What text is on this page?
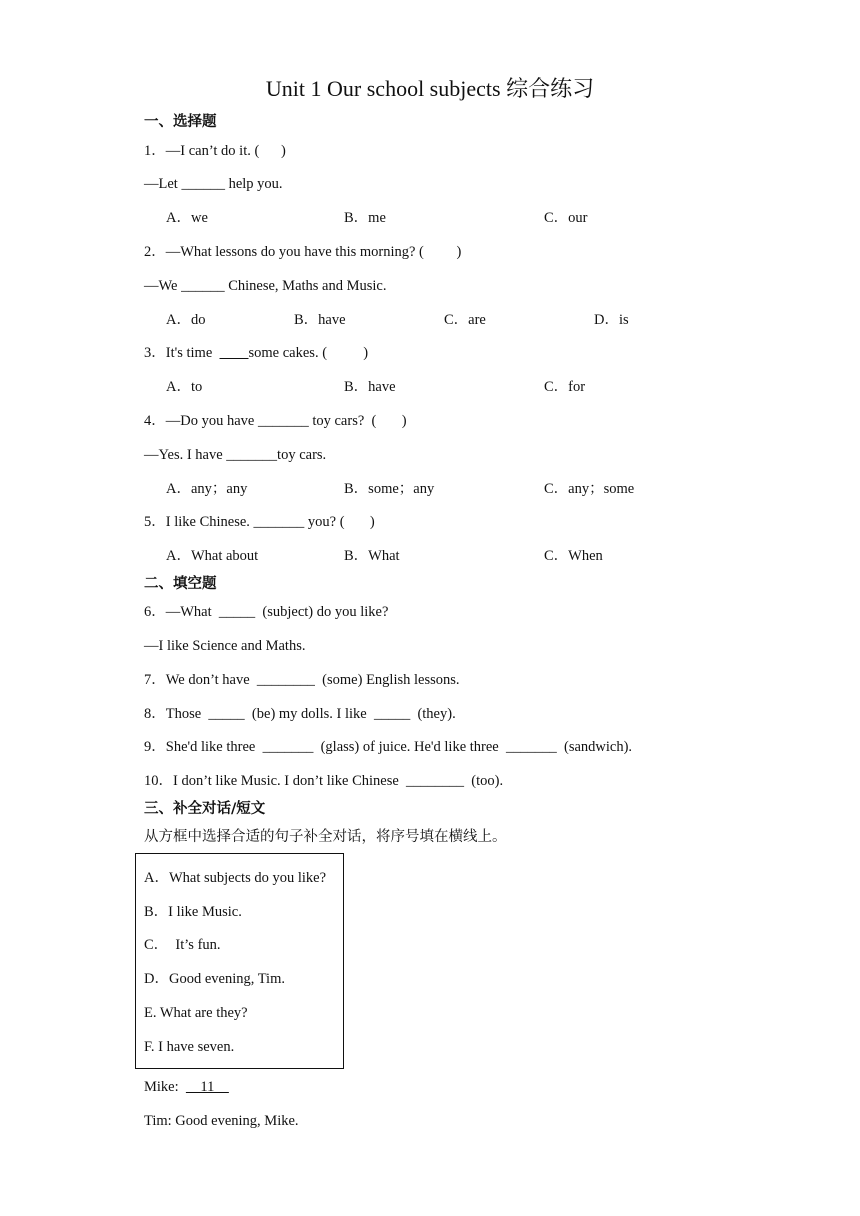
Unit 1 Our school subjects 综合练习
一、选择题
1．—I can’t do it. (      )
—Let ______ help you.
A．we	B．me	C．our
2．—What lessons do you have this morning? (         )
—We ______ Chinese, Maths and Music.
A．do	B．have	C．are	D．is
3．It's time          some cakes. (          )
A．to	B．have	C．for
4．—Do you have _______ toy cars?  (       )
—Yes. I have _______toy cars.
A．any；any	B．some；any	C．any；some
5．I like Chinese. _______ you? (       )
A．What about	B．What	C．When
二、填空题
6．—What  _____  (subject) do you like?
—I like Science and Maths.
7．We don’t have  ________  (some) English lessons.
8．Those  _____  (be) my dolls. I like  _____  (they).
9．She'd like three  _______  (glass) of juice. He'd like three  _______  (sandwich).
10．I don’t like Music. I don’t like Chinese  ________  (too).
三、补全对话/短文
从方框中选择合适的句子补全对话，将序号填在横线上。
A．What subjects do you like?
B．I like Music.
C．  It’s fun.
D．Good evening, Tim.
E. What are they?
F. I have seven.
Mike:      11
Tim: Good evening, Mike.
